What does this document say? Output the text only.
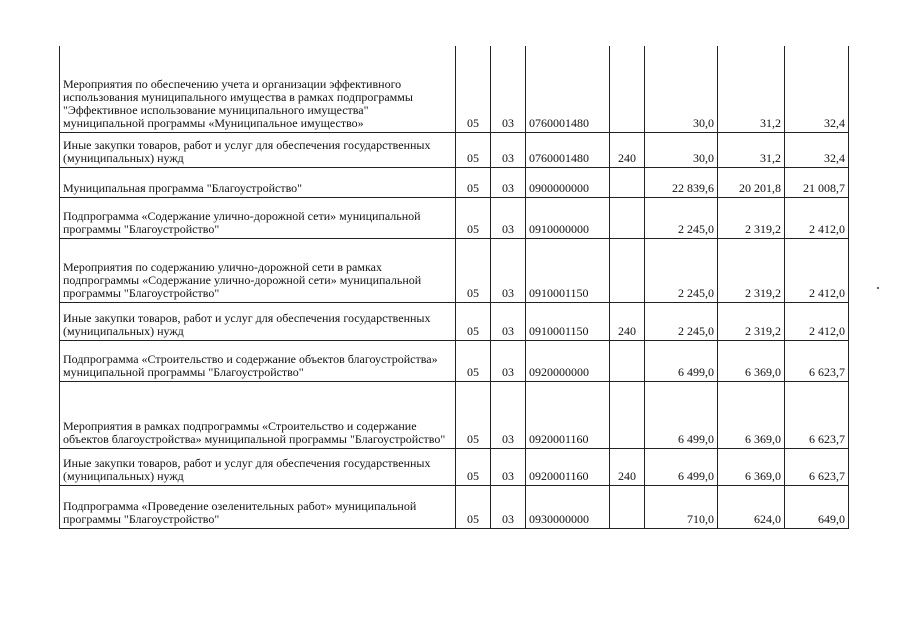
Мероприятия по обеспечению учета и организации эффективного использования муниципального имущества в рамках подпрограммы "Эффективное использование муниципального имущества" муниципальной программы «Муниципальное имущество»	05	03	0760001480		30,0	31,2	32,4
Иные закупки товаров, работ и услуг для обеспечения государственных (муниципальных) нужд	05	03	0760001480	240	30,0	31,2	32,4
Муниципальная программа "Благоустройство"	05	03	0900000000		22 839,6	20 201,8	21 008,7
Подпрограмма «Содержание улично-дорожной сети» муниципальной программы "Благоустройство"	05	03	0910000000		2 245,0	2 319,2	2 412,0
Мероприятия по содержанию улично-дорожной сети в рамках подпрограммы «Содержание улично-дорожной сети» муниципальной программы "Благоустройство"	05	03	0910001150		2 245,0	2 319,2	2 412,0
Иные закупки товаров, работ и услуг для обеспечения государственных (муниципальных) нужд	05	03	0910001150	240	2 245,0	2 319,2	2 412,0
Подпрограмма «Строительство и содержание объектов благоустройства» муниципальной программы "Благоустройство"	05	03	0920000000		6 499,0	6 369,0	6 623,7
Мероприятия в рамках подпрограммы «Строительство и содержание объектов благоустройства» муниципальной программы "Благоустройство"	05	03	0920001160		6 499,0	6 369,0	6 623,7
Иные закупки товаров, работ и услуг для обеспечения государственных (муниципальных) нужд	05	03	0920001160	240	6 499,0	6 369,0	6 623,7
Подпрограмма «Проведение озеленительных работ» муниципальной программы "Благоустройство"	05	03	0930000000		710,0	624,0	649,0
